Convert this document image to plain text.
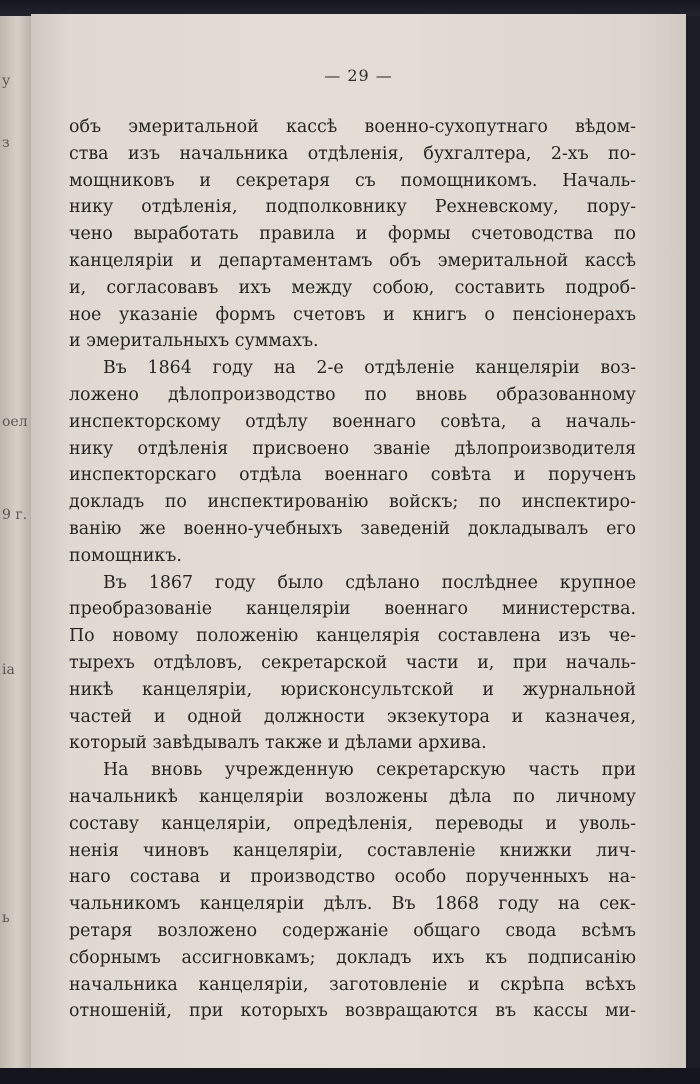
у
з
оел
9 г.
ia
ь
— 29 —
объ эмеритальной кассѣ военно-сухопутнаго вѣдом-
ства изъ начальника отдѣленія, бухгалтера, 2-хъ по-
мощниковъ и секретаря съ помощникомъ. Началь-
нику отдѣленія, подполковнику Рехневскому, пору-
чено выработать правила и формы счетоводства по
канцеляріи и департаментамъ объ эмеритальной кассѣ
и, согласовавъ ихъ между собою, составить подроб-
ное указаніе формъ счетовъ и книгъ о пенсіонерахъ
и эмеритальныхъ суммахъ.
Въ 1864 году на 2-е отдѣленіе канцеляріи воз-
ложено дѣлопроизводство по вновь образованному
инспекторскому отдѣлу военнаго совѣта, а началь-
нику отдѣленія присвоено званіе дѣлопроизводителя
инспекторскаго отдѣла военнаго совѣта и порученъ
докладъ по инспектированію войскъ; по инспектиро-
ванію же военно-учебныхъ заведеній докладывалъ его
помощникъ.
Въ 1867 году было сдѣлано послѣднее крупное
преобразованіе канцеляріи военнаго министерства.
По новому положенію канцелярія составлена изъ че-
тырехъ отдѣловъ, секретарской части и, при началь-
никѣ канцеляріи, юрисконсультской и журнальной
частей и одной должности экзекутора и казначея,
который завѣдывалъ также и дѣлами архива.
На вновь учрежденную секретарскую часть при
начальникѣ канцеляріи возложены дѣла по личному
составу канцеляріи, опредѣленія, переводы и уволь-
ненія чиновъ канцеляріи, составленіе книжки лич-
наго состава и производство особо порученныхъ на-
чальникомъ канцеляріи дѣлъ. Въ 1868 году на сек-
ретаря возложено содержаніе общаго свода всѣмъ
сборнымъ ассигновкамъ; докладъ ихъ къ подписанію
начальника канцеляріи, заготовленіе и скрѣпа всѣхъ
отношеній, при которыхъ возвращаются въ кассы ми-
